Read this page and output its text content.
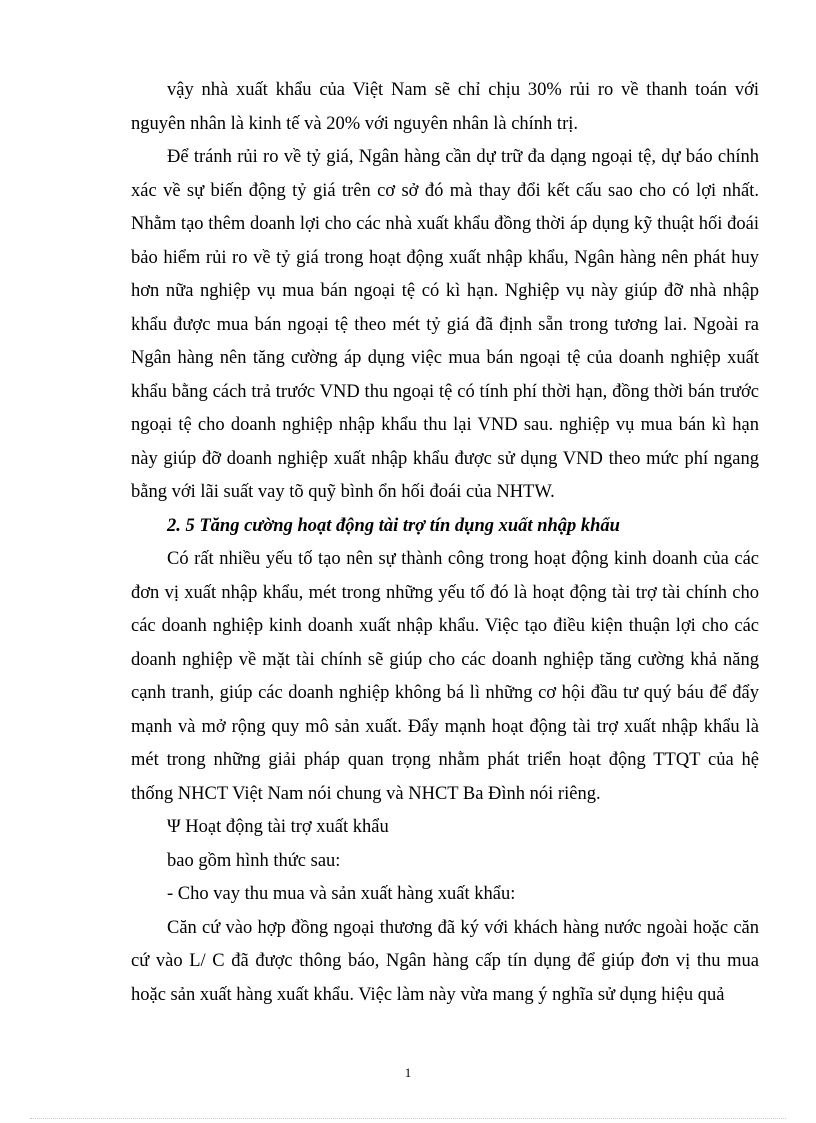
vậy nhà xuất khẩu của Việt Nam sẽ chỉ chịu 30% rủi ro về thanh toán với nguyên nhân là kinh tế và 20% với nguyên nhân là chính trị.

Để tránh rủi ro về tỷ giá, Ngân hàng cần dự trữ đa dạng ngoại tệ, dự báo chính xác về sự biến động tỷ giá trên cơ sở đó mà thay đổi kết cấu sao cho có lợi nhất. Nhằm tạo thêm doanh lợi cho các nhà xuất khẩu đồng thời áp dụng kỹ thuật hối đoái bảo hiểm rủi ro về tỷ giá trong hoạt động xuất nhập khẩu, Ngân hàng nên phát huy hơn nữa nghiệp vụ mua bán ngoại tệ có kì hạn. Nghiệp vụ này giúp đỡ nhà nhập khẩu được mua bán ngoại tệ theo mét tỷ giá đã định sẵn trong tương lai. Ngoài ra Ngân hàng nên tăng cường áp dụng việc mua bán ngoại tệ của doanh nghiệp xuất khẩu bằng cách trả trước VND thu ngoại tệ có tính phí thời hạn, đồng thời bán trước ngoại tệ cho doanh nghiệp nhập khẩu thu lại VND sau. nghiệp vụ mua bán kì hạn này giúp đỡ doanh nghiệp xuất nhập khẩu được sử dụng VND theo mức phí ngang bằng với lãi suất vay tõ quỹ bình ổn hối đoái của NHTW.

2. 5 Tăng cường hoạt động tài trợ tín dụng xuất nhập khẩu

Có rất nhiều yếu tố tạo nên sự thành công trong hoạt động kinh doanh của các đơn vị xuất nhập khẩu, mét trong những yếu tố đó là hoạt động tài trợ tài chính cho các doanh nghiệp kinh doanh xuất nhập khẩu. Việc tạo điều kiện thuận lợi cho các doanh nghiệp về mặt tài chính sẽ giúp cho các doanh nghiệp tăng cường khả năng cạnh tranh, giúp các doanh nghiệp không bá lì những cơ hội đầu tư quý báu để đẩy mạnh và mở rộng quy mô sản xuất. Đẩy mạnh hoạt động tài trợ xuất nhập khẩu là mét trong những giải pháp quan trọng nhằm phát triển hoạt động TTQT của hệ thống NHCT Việt Nam nói chung và NHCT Ba Đình nói riêng.

Ψ Hoạt động tài trợ xuất khẩu

bao gồm hình thức sau:

- Cho vay thu mua và sản xuất hàng xuất khẩu:

Căn cứ vào hợp đồng ngoại thương đã ký với khách hàng nước ngoài hoặc căn cứ vào L/ C đã được thông báo, Ngân hàng cấp tín dụng để giúp đơn vị thu mua hoặc sản xuất hàng xuất khẩu. Việc làm này vừa mang ý nghĩa sử dụng hiệu quả

1
